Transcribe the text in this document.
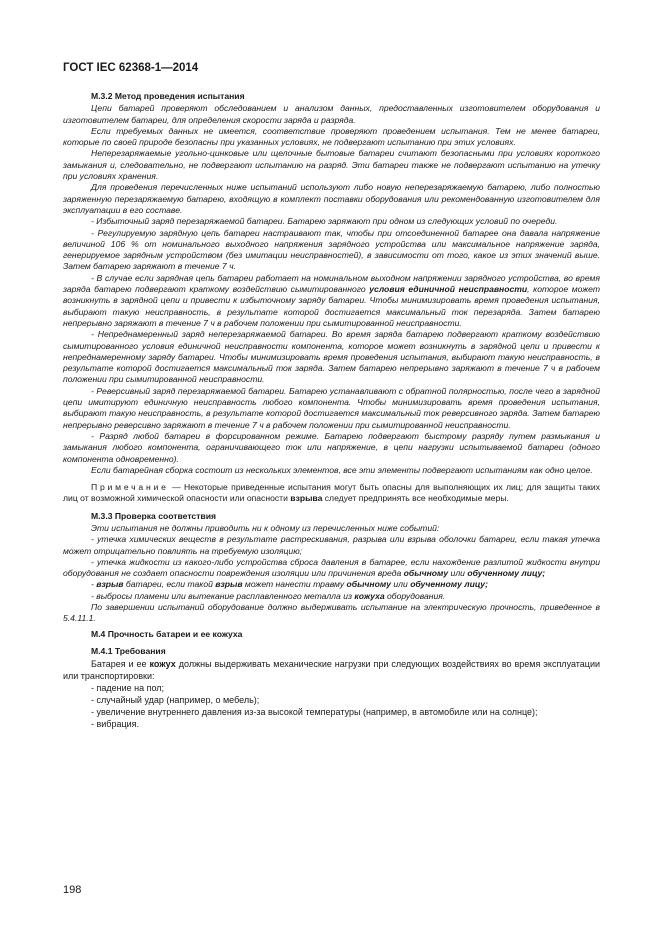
ГОСТ IEC 62368-1—2014

М.3.2 Метод проведения испытания

Цепи батарей проверяют обследованием и анализом данных, предоставленных изготовителем оборудования и изготовителем батареи, для определения скорости заряда и разряда.

Если требуемых данных не имеется, соответствие проверяют проведением испытания. Тем не менее батареи, которые по своей природе безопасны при указанных условиях, не подвергают испытанию при этих условиях.

Неперезаряжаемые угольно-цинковые или щелочные бытовые батареи считают безопасными при условиях короткого замыкания и, следовательно, не подвергают испытанию на разряд. Эти батареи также не подвергают испытанию на утечку при условиях хранения.

Для проведения перечисленных ниже испытаний используют либо новую неперезаряжаемую батарею, либо полностью заряженную перезаряжаемую батарею, входящую в комплект поставки оборудования или рекомендованную изготовителем для эксплуатации в его составе.

- Избыточный заряд перезаряжаемой батареи. Батарею заряжают при одном из следующих условий по очереди.

- Регулируемую зарядную цепь батареи настраивают так, чтобы при отсоединенной батарее она давала напряжение величиной 106 % от номинального выходного напряжения зарядного устройства или максимальное напряжение заряда, генерируемое зарядным устройством (без имитации неисправностей), в зависимости от того, какое из этих значений выше. Затем батарею заряжают в течение 7 ч.

- В случае если зарядная цепь батареи работает на номинальном выходном напряжении зарядного устройства, во время заряда батарею подвергают краткому воздействию сымитированного условия единичной неисправности, которое может возникнуть в зарядной цепи и привести к избыточному заряду батареи. Чтобы минимизировать время проведения испытания, выбирают такую неисправность, в результате которой достигается максимальный ток перезаряда. Затем батарею непрерывно заряжают в течение 7 ч в рабочем положении при сымитированной неисправности.

- Непреднамеренный заряд неперезаряжаемой батареи. Во время заряда батарею подвергают краткому воздействию сымитированного условия единичной неисправности компонента, которое может возникнуть в зарядной цепи и привести к непреднамеренному заряду батареи. Чтобы минимизировать время проведения испытания, выбирают такую неисправность, в результате которой достигается максимальный ток заряда. Затем батарею непрерывно заряжают в течение 7 ч в рабочем положении при сымитированной неисправности.

- Реверсивный заряд перезаряжаемой батареи. Батарею устанавливают с обратной полярностью, после чего в зарядной цепи имитируют единичную неисправность любого компонента. Чтобы минимизировать время проведения испытания, выбирают такую неисправность, в результате которой достигается максимальный ток реверсивного заряда. Затем батарею непрерывно реверсивно заряжают в течение 7 ч в рабочем положении при сымитированной неисправности.

- Разряд любой батареи в форсированном режиме. Батарею подвергают быстрому разряду путем размыкания и замыкания любого компонента, ограничивающего ток или напряжение, в цепи нагрузки испытываемой батареи (одного компонента одновременно).

Если батарейная сборка состоит из нескольких элементов, все эти элементы подвергают испытаниям как одно целое.

Примечание — Некоторые приведенные испытания могут быть опасны для выполняющих их лиц; для защиты таких лиц от возможной химической опасности или опасности взрыва следует предпринять все необходимые меры.

М.3.3 Проверка соответствия

Эти испытания не должны приводить ни к одному из перечисленных ниже событий:

- утечка химических веществ в результате растрескивания, разрыва или взрыва оболочки батареи, если такая утечка может отрицательно повлиять на требуемую изоляцию;

- утечка жидкости из какого-либо устройства сброса давления в батарее, если нахождение разлитой жидкости внутри оборудования не создает опасности повреждения изоляции или причинения вреда обычному или обученному лицу;

- взрыв батареи, если такой взрыв может нанести травму обычному или обученному лицу;

- выбросы пламени или вытекание расплавленного металла из кожуха оборудования.

По завершении испытаний оборудование должно выдерживать испытание на электрическую прочность, приведенное в 5.4.11.1.

М.4 Прочность батареи и ее кожуха

М.4.1 Требования

Батарея и ее кожух должны выдерживать механические нагрузки при следующих воздействиях во время эксплуатации или транспортировки:

- падение на пол;

- случайный удар (например, о мебель);

- увеличение внутреннего давления из-за высокой температуры (например, в автомобиле или на солнце);

- вибрация.

198
